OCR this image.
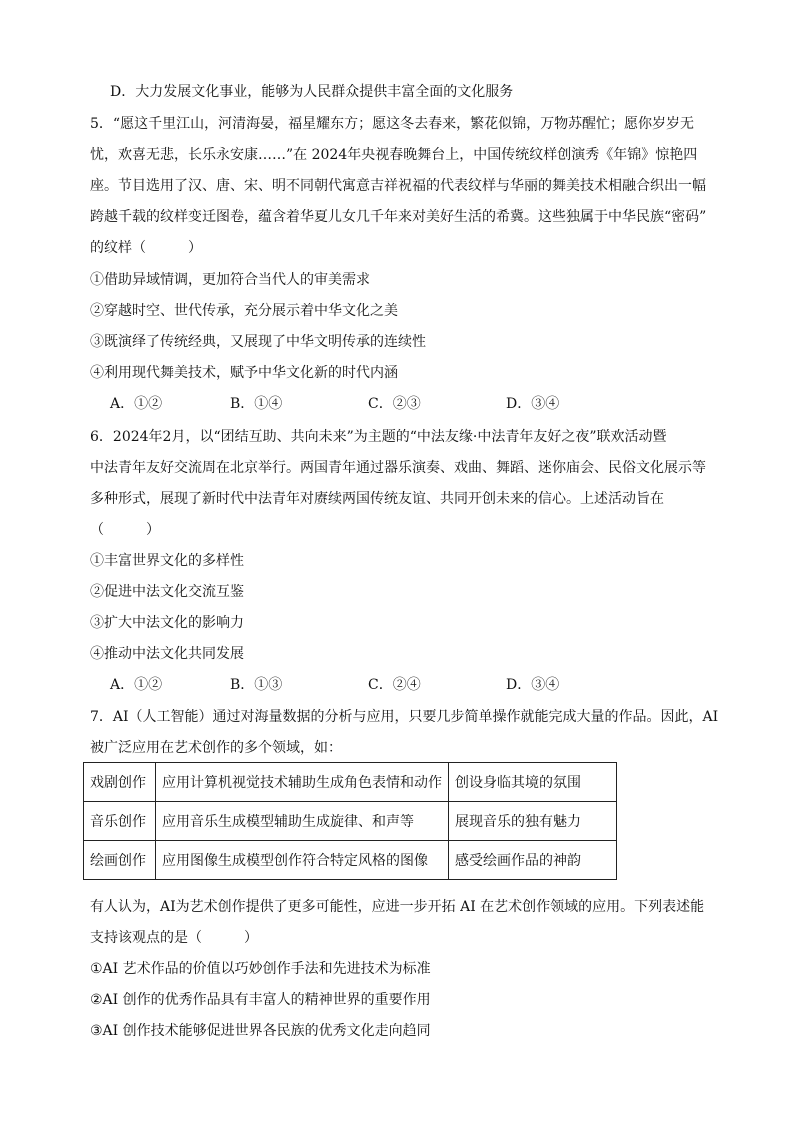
D．大力发展文化事业，能够为人民群众提供丰富全面的文化服务
5．“愿这千里江山，河清海晏，福星耀东方；愿这冬去春来，繁花似锦，万物苏醒忙；愿你岁岁无
忧，欢喜无悲，长乐永安康……”在 2024年央视春晚舞台上，中国传统纹样创演秀《年锦》惊艳四
座。节目选用了汉、唐、宋、明不同朝代寓意吉祥祝福的代表纹样与华丽的舞美技术相融合织出一幅
跨越千载的纹样变迁图卷，蕴含着华夏儿女几千年来对美好生活的希冀。这些独属于中华民族“密码”
的纹样（　　　）
①借助异域情调，更加符合当代人的审美需求
②穿越时空、世代传承，充分展示着中华文化之美
③既演绎了传统经典，又展现了中华文明传承的连续性
④利用现代舞美技术，赋予中华文化新的时代内涵
A．①②	B．①④	C．②③	D．③④
6．2024年2月，以“团结互助、共向未来”为主题的“中法友缘·中法青年友好之夜”联欢活动暨
中法青年友好交流周在北京举行。两国青年通过器乐演奏、戏曲、舞蹈、迷你庙会、民俗文化展示等
多种形式，展现了新时代中法青年对赓续两国传统友谊、共同开创未来的信心。上述活动旨在
（　　　）
①丰富世界文化的多样性
②促进中法文化交流互鉴
③扩大中法文化的影响力
④推动中法文化共同发展
A．①②	B．①③	C．②④	D．③④
7．AI（人工智能）通过对海量数据的分析与应用，只要几步简单操作就能完成大量的作品。因此，AI
被广泛应用在艺术创作的多个领域，如：
戏剧创作	应用计算机视觉技术辅助生成角色表情和动作	创设身临其境的氛围
音乐创作	应用音乐生成模型辅助生成旋律、和声等	展现音乐的独有魅力
绘画创作	应用图像生成模型创作符合特定风格的图像	感受绘画作品的神韵
有人认为，AI为艺术创作提供了更多可能性，应进一步开拓 AI 在艺术创作领域的应用。下列表述能
支持该观点的是（　　　）
①AI 艺术作品的价值以巧妙创作手法和先进技术为标准
②AI 创作的优秀作品具有丰富人的精神世界的重要作用
③AI 创作技术能够促进世界各民族的优秀文化走向趋同
